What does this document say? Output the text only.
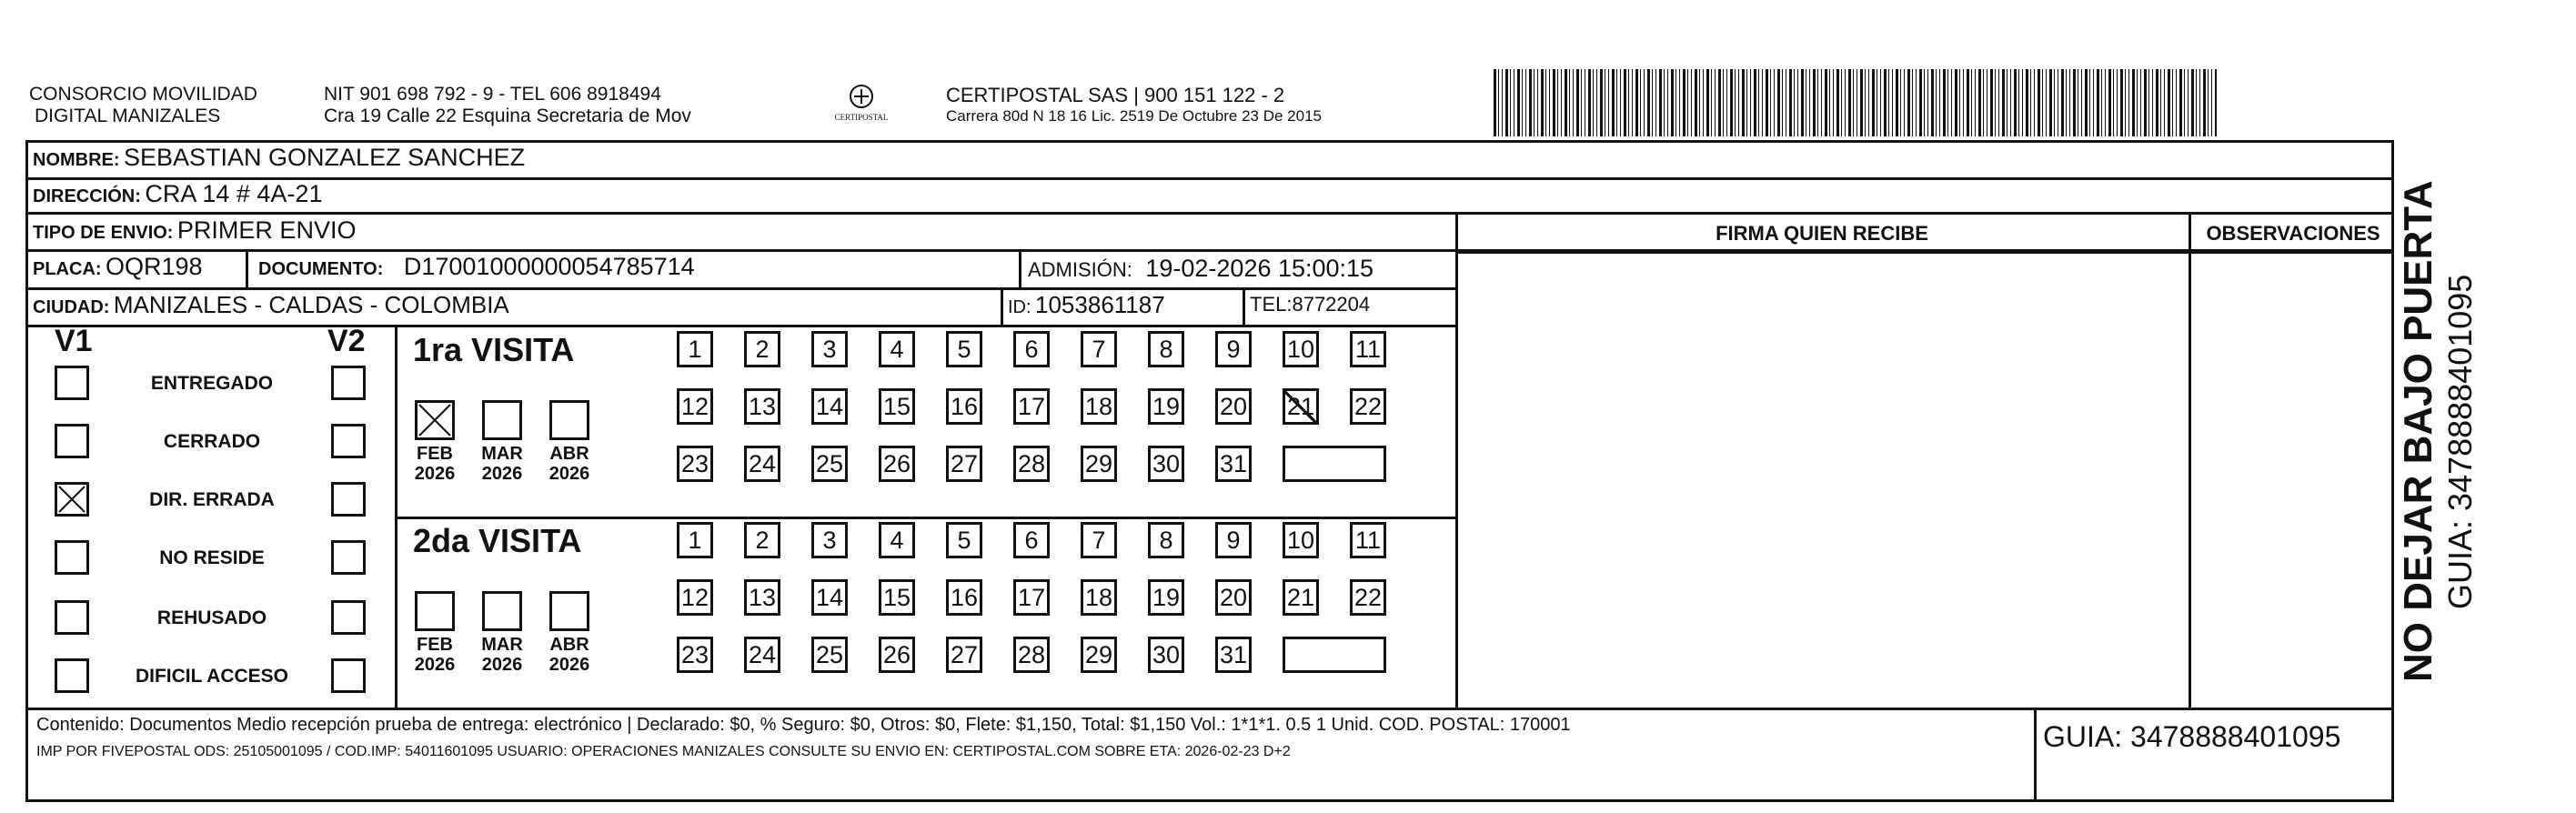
CONSORCIO MOVILIDAD
DIGITAL MANIZALES
NIT 901 698 792 - 9 - TEL 606 8918494
Cra 19 Calle 22 Esquina Secretaria de Mov	CERTIPOSTAL
CERTIPOSTAL SAS | 900 151 122 - 2
Carrera 80d N 18 16 Lic. 2519 De Octubre 23 De 2015
NOMBRE: SEBASTIAN GONZALEZ SANCHEZ
DIRECCIÓN: CRA 14 # 4A-21
TIPO DE ENVIO: PRIMER ENVIO
PLACA: OQR198	DOCUMENTO: D17001000000054785714	ADMISIÓN: 19-02-2026 15:00:15
CIUDAD: MANIZALES - CALDAS - COLOMBIA	ID: 1053861187	TEL:8772204
FIRMA QUIEN RECIBE	OBSERVACIONES
V1	V2
ENTREGADO
CERRADO
DIR. ERRADA
NO RESIDE
REHUSADO
DIFICIL ACCESO
1ra VISITA
2da VISITA
FEB
2026
MAR
2026
ABR
2026
1	2	3	4	5	6	7	8	9	10 11
12 13 14 15 16 17 18 19 20 21 22
23 24 25 26 27 28 29 30 31
FEB
2026
MAR
2026
ABR
2026
1	2	3	4	5	6	7	8	9	10 11
12 13 14 15 16 17 18 19 20 21 22
23 24 25 26 27 28 29 30 31
Contenido: Documentos Medio recepción prueba de entrega: electrónico | Declarado: $0, % Seguro: $0, Otros: $0, Flete: $1,150, Total: $1,150 Vol.: 1*1*1. 0.5 1 Unid. COD. POSTAL: 170001
IMP POR FIVEPOSTAL ODS: 25105001095 / COD.IMP: 54011601095 USUARIO: OPERACIONES MANIZALES CONSULTE SU ENVIO EN: CERTIPOSTAL.COM SOBRE ETA: 2026-02-23 D+2	GUIA: 3478888401095
NO DEJAR BAJO PUERTA GUIA: 3478888401095
